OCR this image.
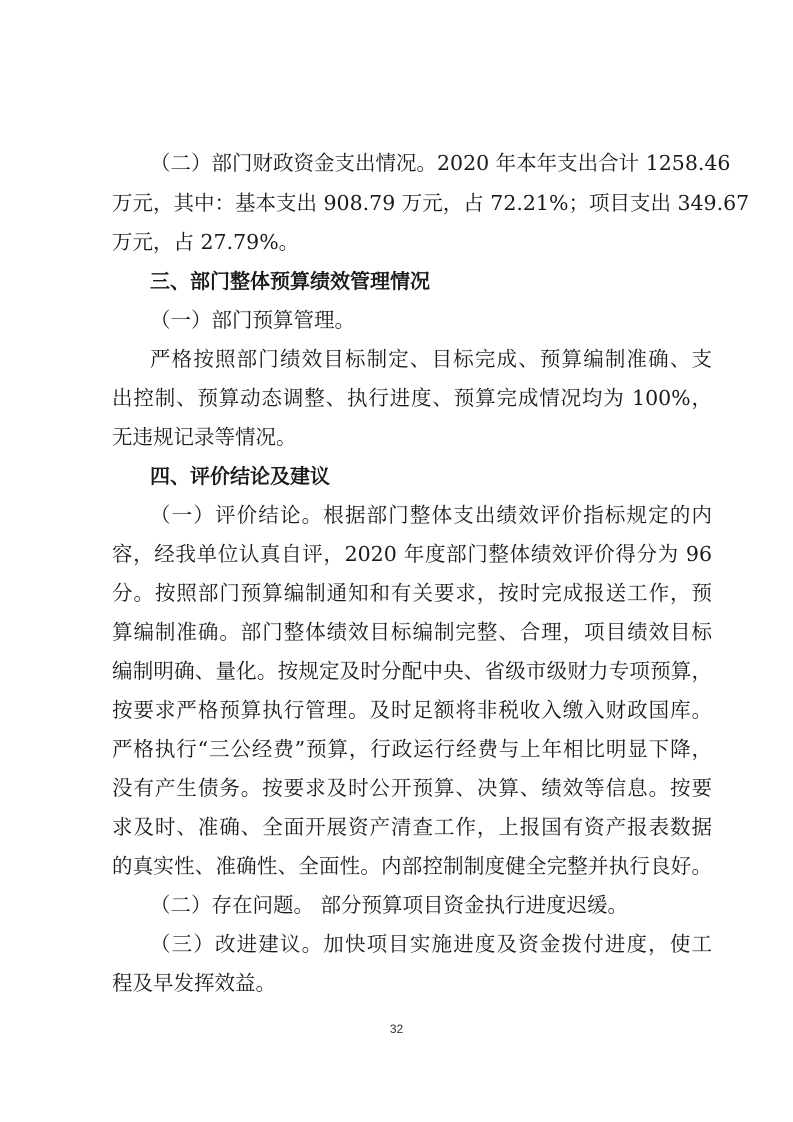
（二）部门财政资金支出情况。2020 年本年支出合计 1258.46
万元，其中：基本支出 908.79 万元，占 72.21%；项目支出 349.67
万元，占 27.79%。
三、部门整体预算绩效管理情况
（一）部门预算管理。
严格按照部门绩效目标制定、目标完成、预算编制准确、支
出控制、预算动态调整、执行进度、预算完成情况均为 100%，
无违规记录等情况。
四、评价结论及建议
（一）评价结论。根据部门整体支出绩效评价指标规定的内
容，经我单位认真自评，2020 年度部门整体绩效评价得分为 96
分。按照部门预算编制通知和有关要求，按时完成报送工作，预
算编制准确。部门整体绩效目标编制完整、合理，项目绩效目标
编制明确、量化。按规定及时分配中央、省级市级财力专项预算，
按要求严格预算执行管理。及时足额将非税收入缴入财政国库。
严格执行“三公经费”预算，行政运行经费与上年相比明显下降，
没有产生债务。按要求及时公开预算、决算、绩效等信息。按要
求及时、准确、全面开展资产清查工作，上报国有资产报表数据
的真实性、准确性、全面性。内部控制制度健全完整并执行良好。
（二）存在问题。 部分预算项目资金执行进度迟缓。
（三）改进建议。加快项目实施进度及资金拨付进度，使工
程及早发挥效益。
32
